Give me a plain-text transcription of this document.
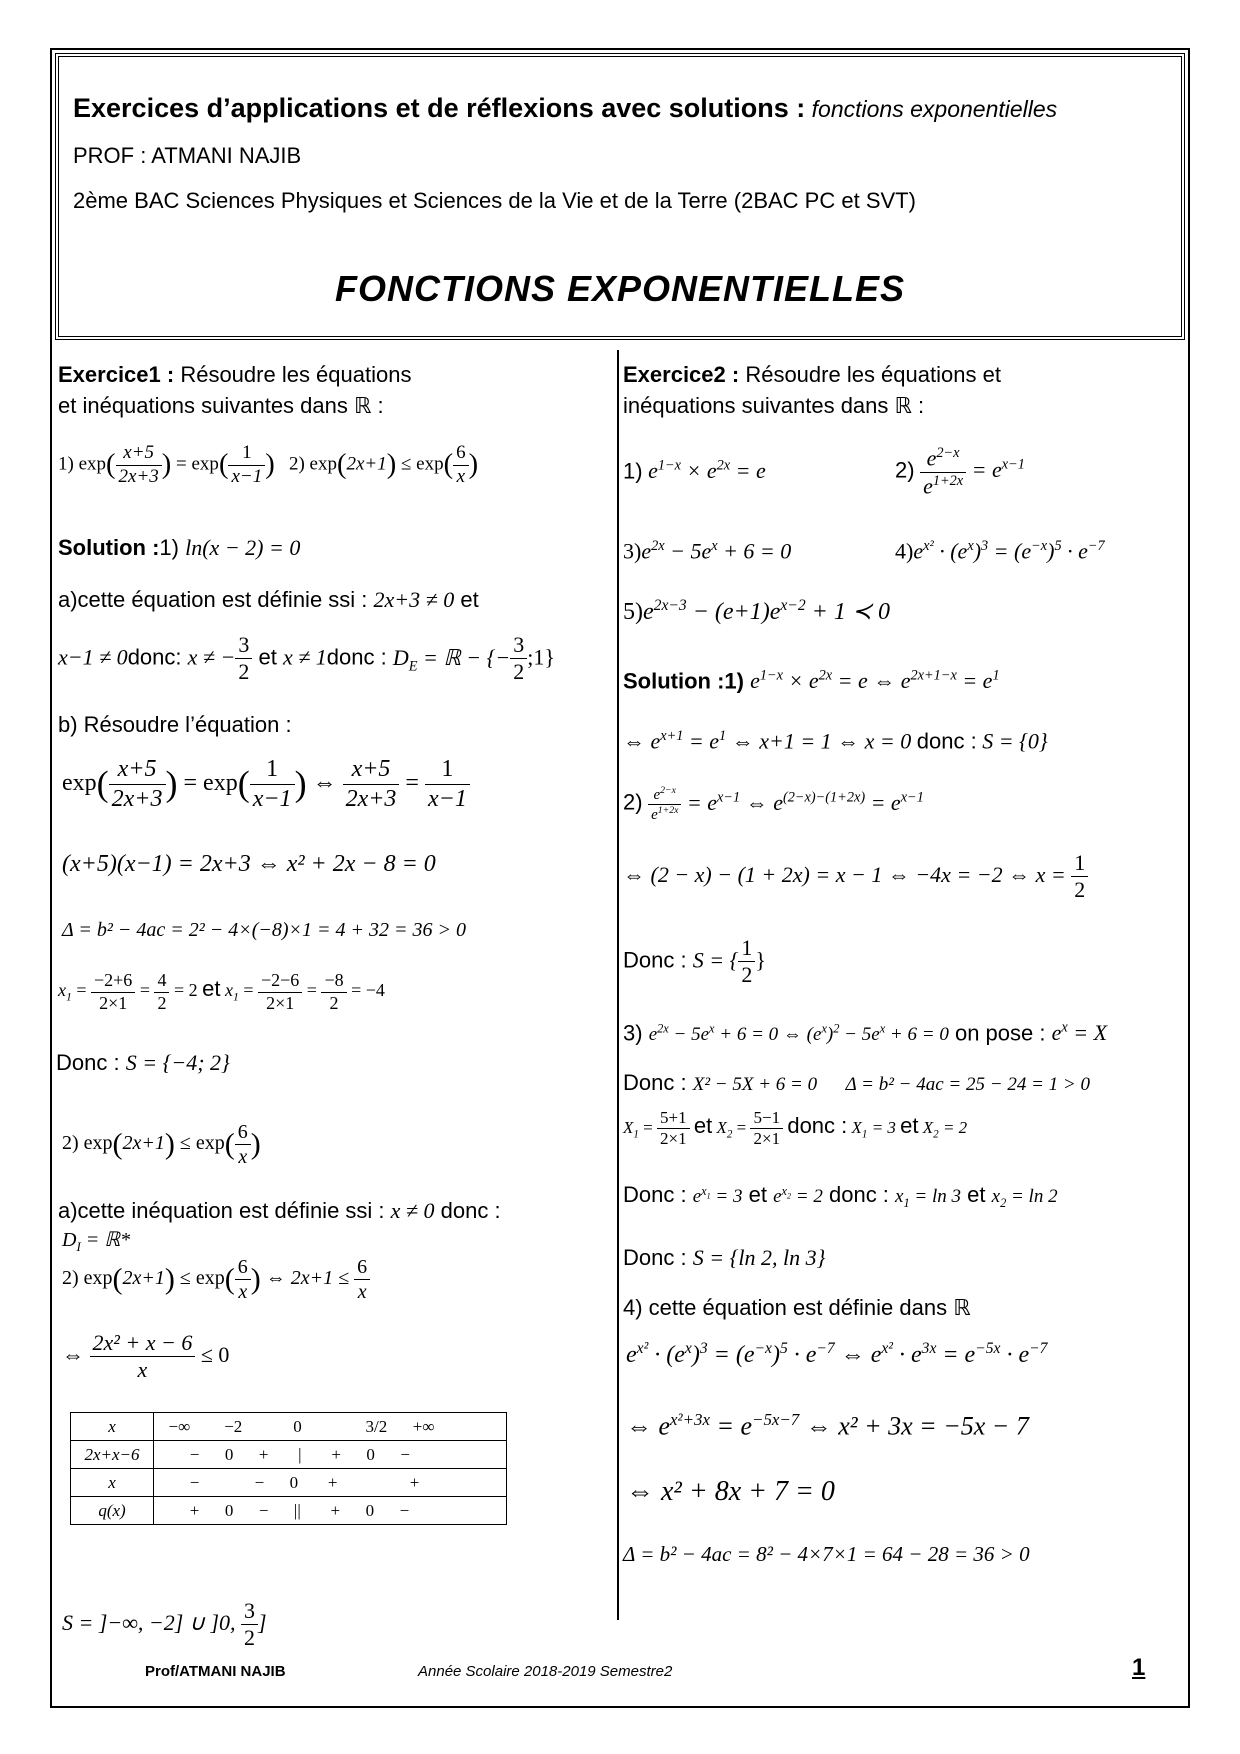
Exercices d’applications et de réflexions avec solutions : fonctions exponentielles
PROF : ATMANI NAJIB
2ème BAC Sciences Physiques et Sciences de la Vie et de la Terre (2BAC PC et SVT)
FONCTIONS EXPONENTIELLES
Exercice1 : Résoudre les équations
et inéquations suivantes dans ℝ :
1) $\exp( \frac{x+5}{2x+3}$ ) = $\exp( \frac{1}{x-1}$ )   2) $\exp(2x+1) \le \exp( \frac{6}{x}$ )
Solution :1) ln(x − 2) = 0
a)cette équation est définie ssi : 2x+3 ≠ 0 et
x−1 ≠ 0donc: x ≠ − $\frac{3}{2}$ et x ≠ 1donc : $D_E$ = ℝ − {− $\frac{3}{2}$ ;1}
b) Résoudre l’équation :
$\exp( \frac{x+5}{2x+3}$ ) = $\exp( \frac{1}{x-1}$ ) ⇔ $\frac{x+5}{2x+3} = \frac{1}{x-1}$
(x+5)(x−1) = 2x+3 ⇔ x² + 2x − 8 = 0
Δ = b² − 4ac = 2² − 4×(−8)×1 = 4 + 32 = 36 > 0
$x_1 = \frac{-2+6}{2\times 1} = \frac{4}{2} = 2$ et $x_1 = \frac{-2-6}{2\times 1} = \frac{-8}{2} = -4$
Donc : S = {−4; 2}
2) $\exp(2x+1) \le \exp( \frac{6}{x}$ )
a)cette inéquation est définie ssi : x ≠ 0 donc :
$D_I$ = ℝ*
2) $\exp(2x+1) \le \exp( \frac{6}{x}$ ) ⇔ $2x+1 \le \frac{6}{x}$
⇔ $\frac{\text{2x² + x − 6}}{x} \le 0$
x	−∞        −2            0               3/2      +∞
2x+x−6	−      0      +       |       +      0      −
x	−             −      0       +                 +
q(x)	+      0      −      ||       +      0      −
S = ]−∞, −2] ∪ ]0, $\frac{3}{2}$ ]
Exercice2 : Résoudre les équations et
inéquations suivantes dans ℝ :
1) $e^{1-x} \times e^{2x} = e$	$2) \frac{e^{2-x}}{e^{1+2x}} = e^{x-1}$
$3)e^{2x} - 5e^x + 6 = 0$	$4)e^{x^2} \cdot (e^x)^3 = (e^{-x})^5 \cdot e^{-7}$
$5)e^{2x-3} - (e+1)e^{x-2} + 1$ ≺ 0
Solution :1) $e^{1-x} \times e^{2x} = e$ ⇔ $e^{2x+1-x} = e^1$
⇔ $e^{x+1} = e^1$ ⇔ x+1 = 1 ⇔ x = 0 donc : S = {0}
$2) \frac{e^{2-x}}{e^{1+2x}} = e^{x-1}$ ⇔ $e^{(2-x)-(1+2x)} = e^{x-1}$
⇔ (2 − x) − (1 + 2x) = x − 1 ⇔ −4x = −2 ⇔ $x = \frac{1}{2}$
Donc : S = { $\frac{1}{2}$ }
3) $e^{2x} - 5e^x + 6 = 0$ ⇔ $(e^x)^2 - 5e^x + 6 = 0$ on pose : $e^x = X$
Donc : X² − 5X + 6 = 0      Δ = b² − 4ac = 25 − 24 = 1 > 0
$X_1 = \frac{5+1}{2\times 1}$ et $X_2 = \frac{5-1}{2\times 1}$ donc : $X_1 = 3$ et $X_2 = 2$
Donc : $e^{x_1} = 3$ et $e^{x_2} = 2$ donc : $x_1 = \ln 3$ et $x_2 = \ln 2$
Donc : S = {ln 2, ln 3}
4) cette équation est définie dans ℝ
$e^{x^2} \cdot (e^x)^3 = (e^{-x})^5 \cdot e^{-7}$ ⇔ $e^{x^2} \cdot e^{3x} = e^{-5x} \cdot e^{-7}$
⇔ $e^{x^2+3x} = e^{-5x-7}$ ⇔ x² + 3x = −5x − 7
⇔ x² + 8x + 7 = 0
Δ = b² − 4ac = 8² − 4×7×1 = 64 − 28 = 36 > 0
Prof/ATMANI NAJIB	Année Scolaire 2018-2019 Semestre2	1
